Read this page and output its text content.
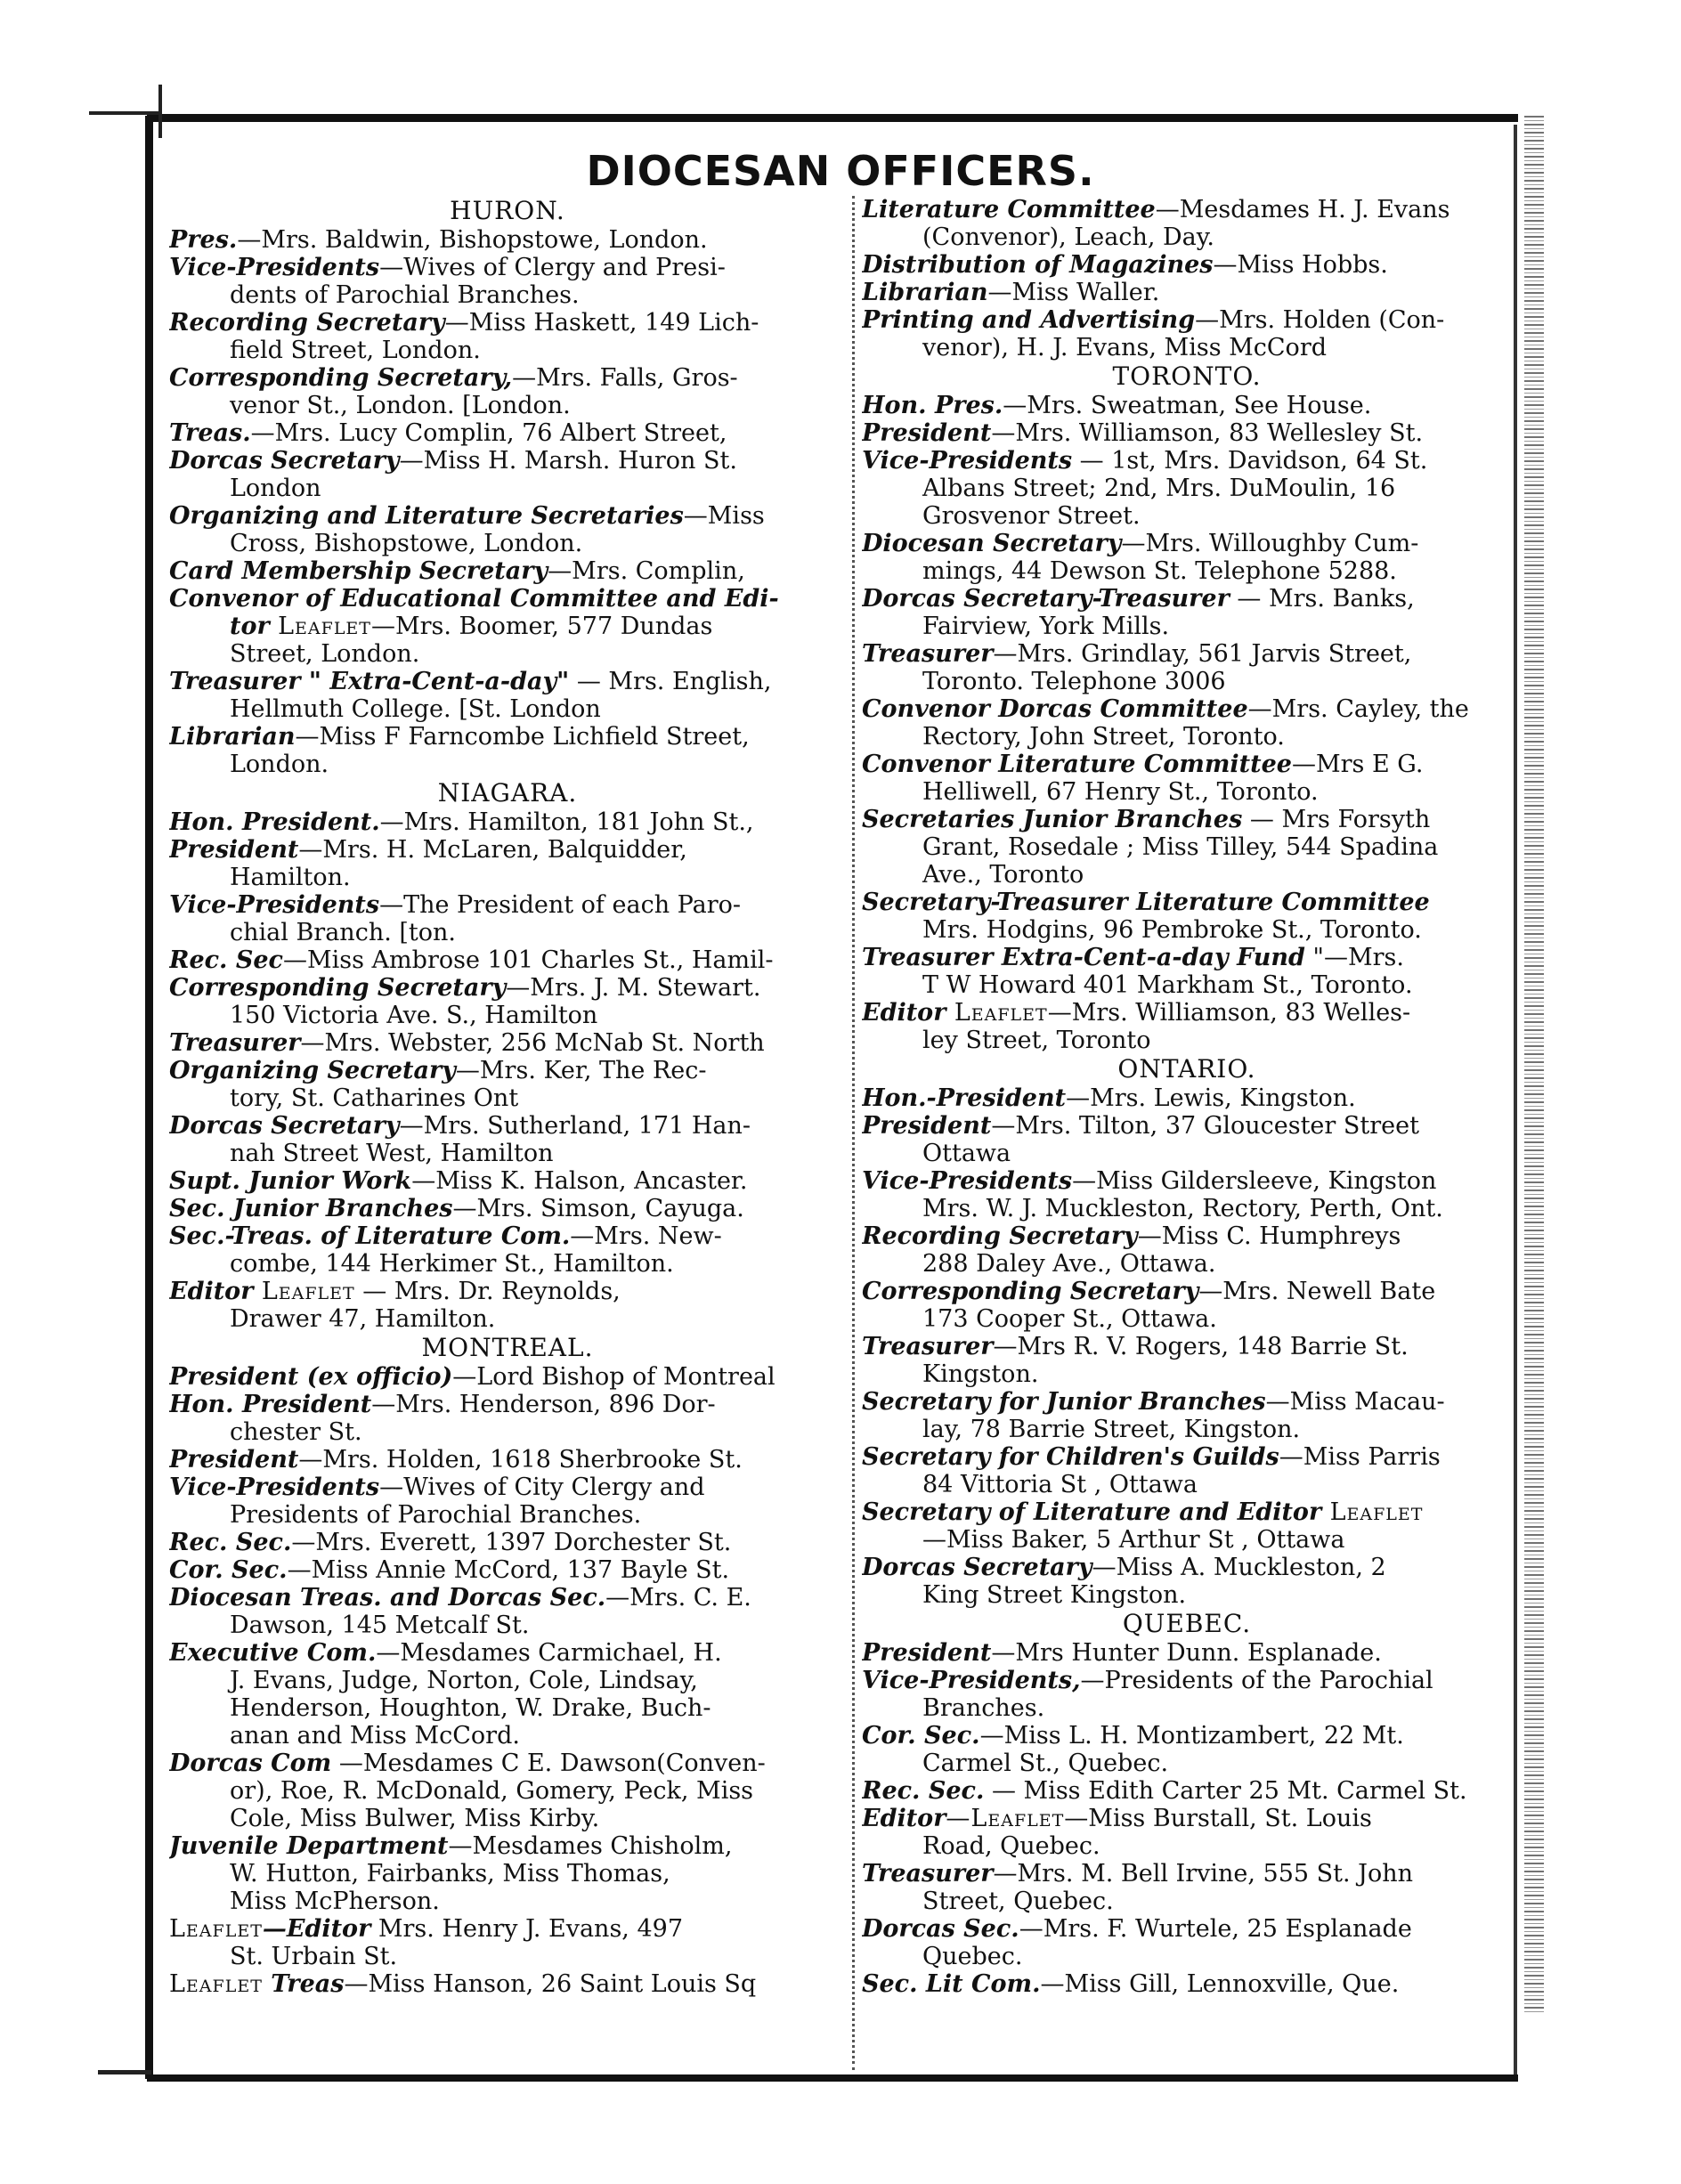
DIOCESAN OFFICERS.
HURON.
Pres.—Mrs. Baldwin, Bishopstowe, London.
Vice-Presidents—Wives of Clergy and Presi-
dents of Parochial Branches.
Recording Secretary—Miss Haskett, 149 Lich-
field Street, London.
Corresponding Secretary,—Mrs. Falls, Gros-
venor St., London. [London.
Treas.—Mrs. Lucy Complin, 76 Albert Street,
Dorcas Secretary—Miss H. Marsh. Huron St.
London
Organizing and Literature Secretaries—Miss
Cross, Bishopstowe, London.
Card Membership Secretary—Mrs. Complin,
Convenor of Educational Committee and Edi-
tor Leaflet—Mrs. Boomer, 577 Dundas
Street, London.
Treasurer " Extra-Cent-a-day" — Mrs. English,
Hellmuth College. [St. London
Librarian—Miss F Farncombe Lichfield Street,
London.
NIAGARA.
Hon. President.—Mrs. Hamilton, 181 John St.,
President—Mrs. H. McLaren, Balquidder,
Hamilton.
Vice-Presidents—The President of each Paro-
chial Branch. [ton.
Rec. Sec—Miss Ambrose 101 Charles St., Hamil-
Corresponding Secretary—Mrs. J. M. Stewart.
150 Victoria Ave. S., Hamilton
Treasurer—Mrs. Webster, 256 McNab St. North
Organizing Secretary—Mrs. Ker, The Rec-
tory, St. Catharines Ont
Dorcas Secretary—Mrs. Sutherland, 171 Han-
nah Street West, Hamilton
Supt. Junior Work—Miss K. Halson, Ancaster.
Sec. Junior Branches—Mrs. Simson, Cayuga.
Sec.-Treas. of Literature Com.—Mrs. New-
combe, 144 Herkimer St., Hamilton.
Editor Leaflet — Mrs. Dr. Reynolds,
Drawer 47, Hamilton.
MONTREAL.
President (ex officio)—Lord Bishop of Montreal
Hon. President—Mrs. Henderson, 896 Dor-
chester St.
President—Mrs. Holden, 1618 Sherbrooke St.
Vice-Presidents—Wives of City Clergy and
Presidents of Parochial Branches.
Rec. Sec.—Mrs. Everett, 1397 Dorchester St.
Cor. Sec.—Miss Annie McCord, 137 Bayle St.
Diocesan Treas. and Dorcas Sec.—Mrs. C. E.
Dawson, 145 Metcalf St.
Executive Com.—Mesdames Carmichael, H.
J. Evans, Judge, Norton, Cole, Lindsay,
Henderson, Houghton, W. Drake, Buch-
anan and Miss McCord.
Dorcas Com —Mesdames C E. Dawson(Conven-
or), Roe, R. McDonald, Gomery, Peck, Miss
Cole, Miss Bulwer, Miss Kirby.
Juvenile Department—Mesdames Chisholm,
W. Hutton, Fairbanks, Miss Thomas,
Miss McPherson.
Leaflet—Editor Mrs. Henry J. Evans, 497
St. Urbain St.
Leaflet Treas—Miss Hanson, 26 Saint Louis Sq
Literature Committee—Mesdames H. J. Evans
(Convenor), Leach, Day.
Distribution of Magazines—Miss Hobbs.
Librarian—Miss Waller.
Printing and Advertising—Mrs. Holden (Con-
venor), H. J. Evans, Miss McCord
TORONTO.
Hon. Pres.—Mrs. Sweatman, See House.
President—Mrs. Williamson, 83 Wellesley St.
Vice-Presidents — 1st, Mrs. Davidson, 64 St.
Albans Street; 2nd, Mrs. DuMoulin, 16
Grosvenor Street.
Diocesan Secretary—Mrs. Willoughby Cum-
mings, 44 Dewson St. Telephone 5288.
Dorcas Secretary-Treasurer — Mrs. Banks,
Fairview, York Mills.
Treasurer—Mrs. Grindlay, 561 Jarvis Street,
Toronto. Telephone 3006
Convenor Dorcas Committee—Mrs. Cayley, the
Rectory, John Street, Toronto.
Convenor Literature Committee—Mrs E G.
Helliwell, 67 Henry St., Toronto.
Secretaries Junior Branches — Mrs Forsyth
Grant, Rosedale ; Miss Tilley, 544 Spadina
Ave., Toronto
Secretary-Treasurer Literature Committee
Mrs. Hodgins, 96 Pembroke St., Toronto.
Treasurer Extra-Cent-a-day Fund "—Mrs.
T W Howard 401 Markham St., Toronto.
Editor Leaflet—Mrs. Williamson, 83 Welles-
ley Street, Toronto
ONTARIO.
Hon.-President—Mrs. Lewis, Kingston.
President—Mrs. Tilton, 37 Gloucester Street
Ottawa
Vice-Presidents—Miss Gildersleeve, Kingston
Mrs. W. J. Muckleston, Rectory, Perth, Ont.
Recording Secretary—Miss C. Humphreys
288 Daley Ave., Ottawa.
Corresponding Secretary—Mrs. Newell Bate
173 Cooper St., Ottawa.
Treasurer—Mrs R. V. Rogers, 148 Barrie St.
Kingston.
Secretary for Junior Branches—Miss Macau-
lay, 78 Barrie Street, Kingston.
Secretary for Children's Guilds—Miss Parris
84 Vittoria St , Ottawa
Secretary of Literature and Editor Leaflet
—Miss Baker, 5 Arthur St , Ottawa
Dorcas Secretary—Miss A. Muckleston, 2
King Street Kingston.
QUEBEC.
President—Mrs Hunter Dunn. Esplanade.
Vice-Presidents,—Presidents of the Parochial
Branches.
Cor. Sec.—Miss L. H. Montizambert, 22 Mt.
Carmel St., Quebec.
Rec. Sec. — Miss Edith Carter 25 Mt. Carmel St.
Editor—Leaflet—Miss Burstall, St. Louis
Road, Quebec.
Treasurer—Mrs. M. Bell Irvine, 555 St. John
Street, Quebec.
Dorcas Sec.—Mrs. F. Wurtele, 25 Esplanade
Quebec.
Sec. Lit Com.—Miss Gill, Lennoxville, Que.
